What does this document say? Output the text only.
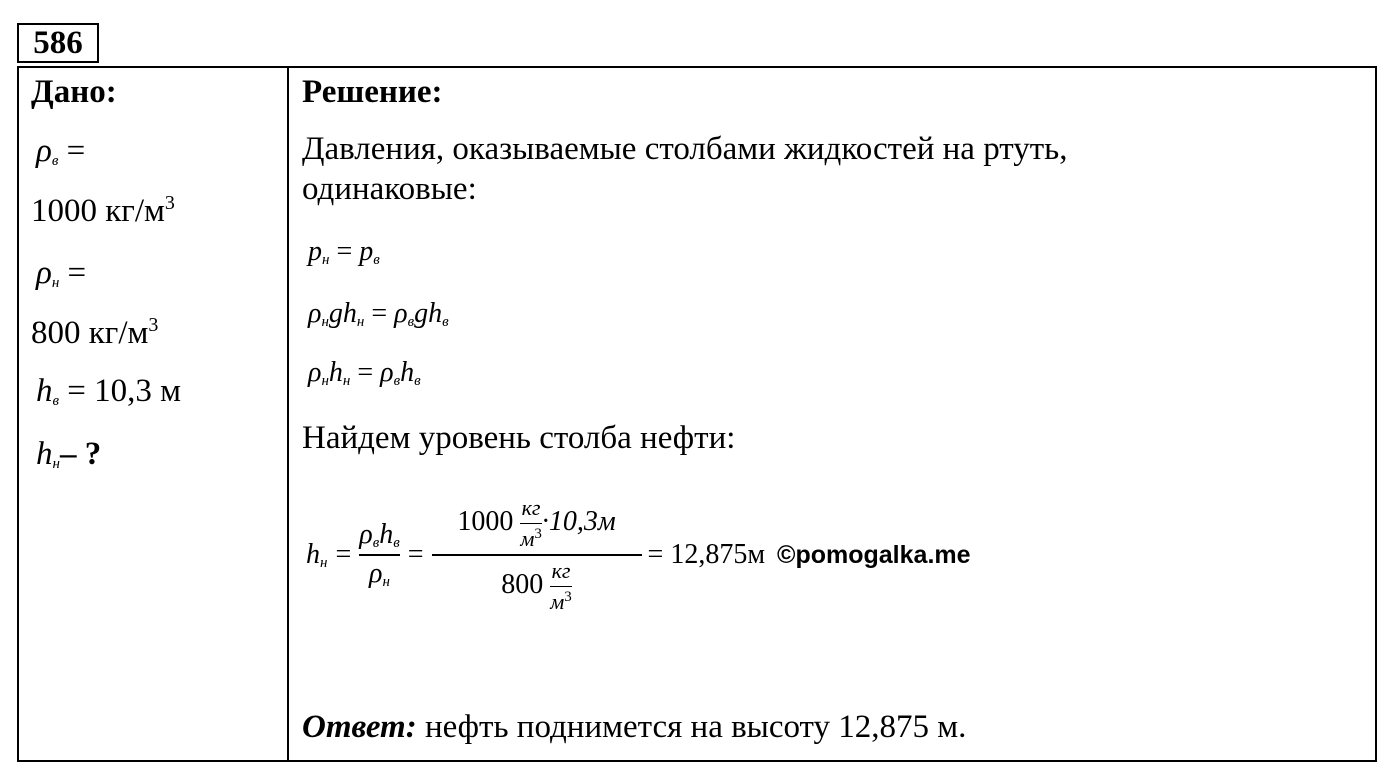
586
Дано:
$\rho_в$ =
1000 $кг/м^3$
$\rho_н$ =
800 $кг/м^3$
$h_в = 10,3$ м
$h_н-$ ?
Решение:
Давления, оказываемые столбами жидкостей на ртуть,
одинаковые:
$p_н = p_в$
$\rho_нgh_н = \rho_вgh_в$
$\rho_нh_н = \rho_вh_в$
Найдем уровень столба нефти:
$h_н = \frac{\rho_вh_в}{\rho_н} = \frac{1000 \frac{кг}{м^3} \cdot 10,3м}{800 \frac{кг}{м^3}} = 12,875м$ ©pomogalka.me
Ответ: нефть поднимется на высоту 12,875 м.
